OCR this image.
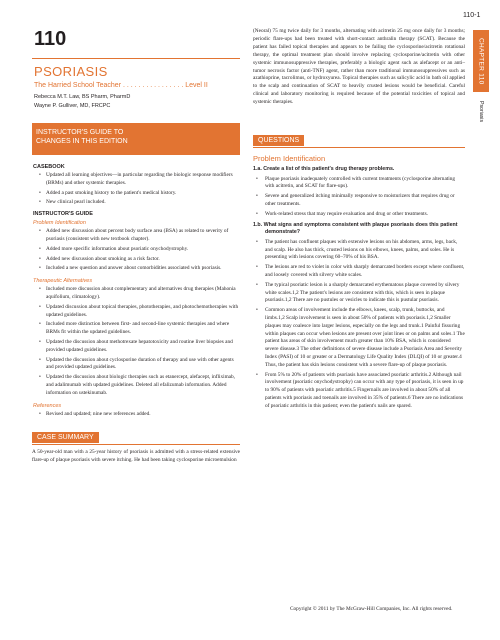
110-1
CHAPTER 110
Psoriasis
110
PSORIASIS
The Harried School Teacher . . . . . . . . . . . . . . . . Level II
Rebecca M.T. Law, BS Pharm, PharmD
Wayne P. Gulliver, MD, FRCPC
INSTRUCTOR'S GUIDE TO
CHANGES IN THIS EDITION
CASEBOOK
• Updated all learning objectives—in particular regarding the biologic response modifiers (BRMs) and other systemic therapies.
• Added a past smoking history to the patient's medical history.
• New clinical pearl included.
INSTRUCTOR'S GUIDE
Problem Identification
• Added new discussion about percent body surface area (BSA) as related to severity of psoriasis (consistent with new textbook chapter).
• Added more specific information about psoriatic onychodystrophy.
• Added new discussion about smoking as a risk factor.
• Included a new question and answer about comorbidities associated with psoriasis.
Therapeutic Alternatives
• Included more discussion about complementary and alternatives drug therapies (Mahonia aquifolium, climatology).
• Updated discussion about topical therapies, phototherapies, and photochemotherapies with updated guidelines.
• Included more distinction between first- and second-line systemic therapies and where BRMs fit within the updated guidelines.
• Updated the discussion about methotrexate hepatotoxicity and routine liver biopsies and provided updated guidelines.
• Updated the discussion about cyclosporine duration of therapy and use with other agents and provided updated guidelines.
• Updated the discussion about biologic therapies such as etanercept, alefacept, infliximab, and adalimumab with updated guidelines. Deleted all efalizumab information. Added information on ustekinumab.
References
• Revised and updated; nine new references added.
CASE SUMMARY

A 50-year-old man with a 25-year history of psoriasis is admitted with a stress-related extensive flare-up of plaque psoriasis with severe itching. He had been taking cyclosporine microemulsion

(Neoral) 75 mg twice daily for 3 months, alternating with acitretin 25 mg once daily for 3 months; periodic flare-ups had been treated with short-contact anthralin therapy (SCAT). Because the patient has failed topical therapies and appears to be failing the cyclosporine/acitretin rotational therapy, the optimal treatment plan should involve replacing cyclosporine/acitretin with other systemic immunosuppressive therapies, preferably a biologic agent such as alefacept or an anti–tumor necrosis factor (anti-TNF) agent, rather than more traditional immunosuppressives such as azathioprine, tacrolimus, or hydroxyurea. Topical therapies such as salicylic acid in bath oil applied to the scalp and continuation of SCAT to heavily crusted lesions would be beneficial. Careful clinical and laboratory monitoring is required because of the potential toxicities of topical and systemic therapies.

QUESTIONS
Problem Identification
1.a. Create a list of this patient's drug therapy problems.
• Plaque psoriasis inadequately controlled with current treatments (cyclosporine alternating with acitretin, and SCAT for flare-ups).
• Severe and generalized itching minimally responsive to moisturizers that requires drug or other treatments.
• Work-related stress that may require evaluation and drug or other treatments.
1.b. What signs and symptoms consistent with plaque psoriasis does this patient demonstrate?
• The patient has confluent plaques with extensive lesions on his abdomen, arms, legs, back, and scalp. He also has thick, crusted lesions on his elbows, knees, palms, and soles. He is presenting with lesions covering 60–70% of his BSA.
• The lesions are red to violet in color with sharply demarcated borders except where confluent, and loosely covered with silvery white scales.
• The typical psoriatic lesion is a sharply demarcated erythematous plaque covered by silvery white scales.1,2 The patient's lesions are consistent with this, which is seen in plaque psoriasis.1,2 There are no pustules or vesicles to indicate this is pustular psoriasis.
• Common areas of involvement include the elbows, knees, scalp, trunk, buttocks, and limbs.1,2 Scalp involvement is seen in about 50% of patients with psoriasis.1,2 Smaller plaques may coalesce into larger lesions, especially on the legs and trunk.1 Painful fissuring within plaques can occur when lesions are present over joint lines or on palms and soles.1 The patient has areas of skin involvement much greater than 10% BSA, which is considered severe disease.3 The other definitions of severe disease include a Psoriasis Area and Severity Index (PASI) of 10 or greater or a Dermatology Life Quality Index (DLQI) of 10 or greater.4 Thus, the patient has skin lesions consistent with a severe flare-up of plaque psoriasis.
• From 5% to 20% of patients with psoriasis have associated psoriatic arthritis.2 Although nail involvement (psoriatic onychodystrophy) can occur with any type of psoriasis, it is seen in up to 90% of patients with psoriatic arthritis.5 Fingernails are involved in about 50% of all patients with psoriasis and toenails are involved in 35% of patients.6 There are no indications of psoriatic arthritis in this patient; even the patient's nails are spared.
Copyright © 2011 by The McGraw-Hill Companies, Inc. All rights reserved.
